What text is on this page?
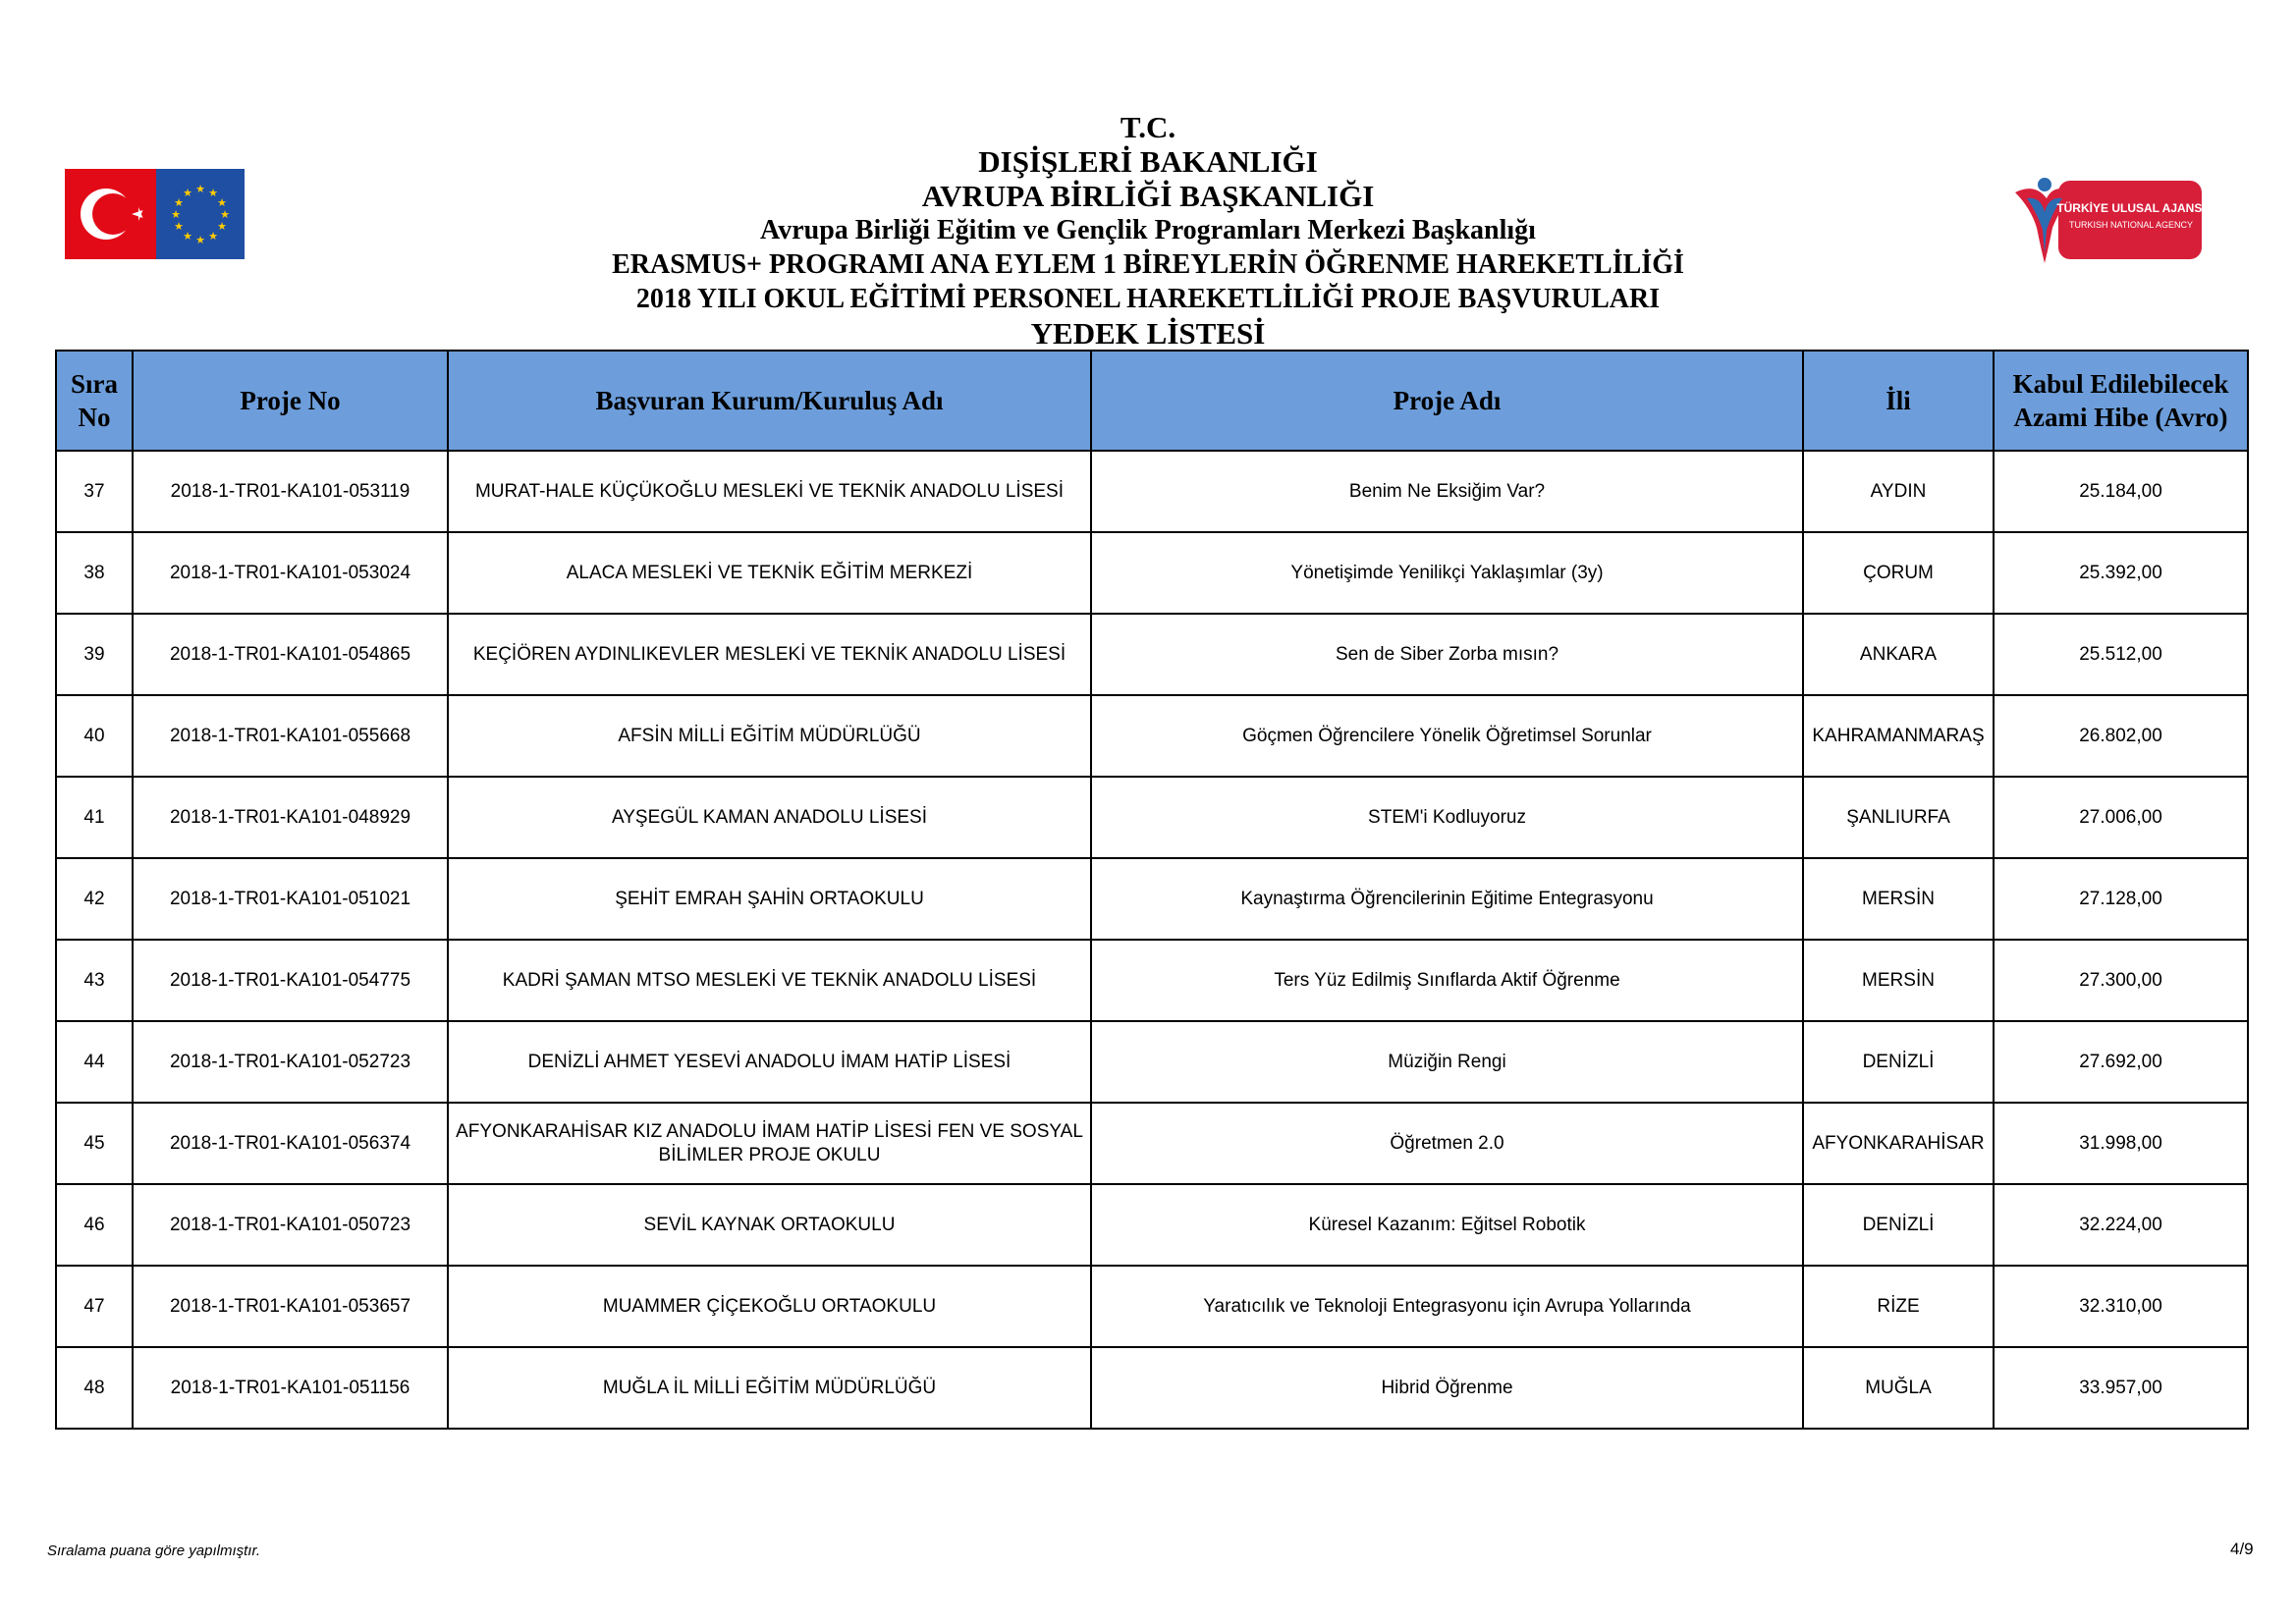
T.C.
DIŞİŞLERİ BAKANLIĞI
AVRUPA BİRLİĞİ BAŞKANLIĞI
Avrupa Birliği Eğitim ve Gençlik Programları Merkezi Başkanlığı
ERASMUS+ PROGRAMI ANA EYLEM 1 BİREYLERİN ÖĞRENME HAREKETLİLİĞİ
2018 YILI OKUL EĞİTİMİ PERSONEL HAREKETLİLİĞİ PROJE BAŞVURULARI
YEDEK LİSTESİ
★ ★
★
★
★
★
★
★
★
★
★
★
TÜRKİYE ULUSAL AJANSI
TURKISH NATIONAL AGENCY
Sıra No	Proje No	Başvuran Kurum/Kuruluş Adı	Proje Adı	İli	Kabul Edilebilecek Azami Hibe (Avro)
37	2018-1-TR01-KA101-053119	MURAT-HALE KÜÇÜKOĞLU MESLEKİ VE TEKNİK ANADOLU LİSESİ	Benim Ne Eksiğim Var?	AYDIN	25.184,00
38	2018-1-TR01-KA101-053024	ALACA MESLEKİ VE TEKNİK EĞİTİM MERKEZİ	Yönetişimde Yenilikçi Yaklaşımlar (3y)	ÇORUM	25.392,00
39	2018-1-TR01-KA101-054865	KEÇİÖREN AYDINLIKEVLER MESLEKİ VE TEKNİK ANADOLU LİSESİ	Sen de Siber Zorba mısın?	ANKARA	25.512,00
40	2018-1-TR01-KA101-055668	AFSİN MİLLİ EĞİTİM MÜDÜRLÜĞÜ	Göçmen Öğrencilere Yönelik Öğretimsel Sorunlar	KAHRAMANMARAŞ	26.802,00
41	2018-1-TR01-KA101-048929	AYŞEGÜL KAMAN ANADOLU LİSESİ	STEM'i Kodluyoruz	ŞANLIURFA	27.006,00
42	2018-1-TR01-KA101-051021	ŞEHİT EMRAH ŞAHİN ORTAOKULU	Kaynaştırma Öğrencilerinin Eğitime Entegrasyonu	MERSİN	27.128,00
43	2018-1-TR01-KA101-054775	KADRİ ŞAMAN MTSO MESLEKİ VE TEKNİK ANADOLU LİSESİ	Ters Yüz Edilmiş Sınıflarda Aktif Öğrenme	MERSİN	27.300,00
44	2018-1-TR01-KA101-052723	DENİZLİ AHMET YESEVİ ANADOLU İMAM HATİP LİSESİ	Müziğin Rengi	DENİZLİ	27.692,00
45	2018-1-TR01-KA101-056374	AFYONKARAHİSAR KIZ ANADOLU İMAM HATİP LİSESİ FEN VE SOSYAL BİLİMLER PROJE OKULU	Öğretmen 2.0	AFYONKARAHİSAR	31.998,00
46	2018-1-TR01-KA101-050723	SEVİL KAYNAK ORTAOKULU	Küresel Kazanım: Eğitsel Robotik	DENİZLİ	32.224,00
47	2018-1-TR01-KA101-053657	MUAMMER ÇİÇEKOĞLU ORTAOKULU	Yaratıcılık ve Teknoloji Entegrasyonu için Avrupa Yollarında	RİZE	32.310,00
48	2018-1-TR01-KA101-051156	MUĞLA İL MİLLİ EĞİTİM MÜDÜRLÜĞÜ	Hibrid Öğrenme	MUĞLA	33.957,00
Sıralama puana göre yapılmıştır.	4/9
